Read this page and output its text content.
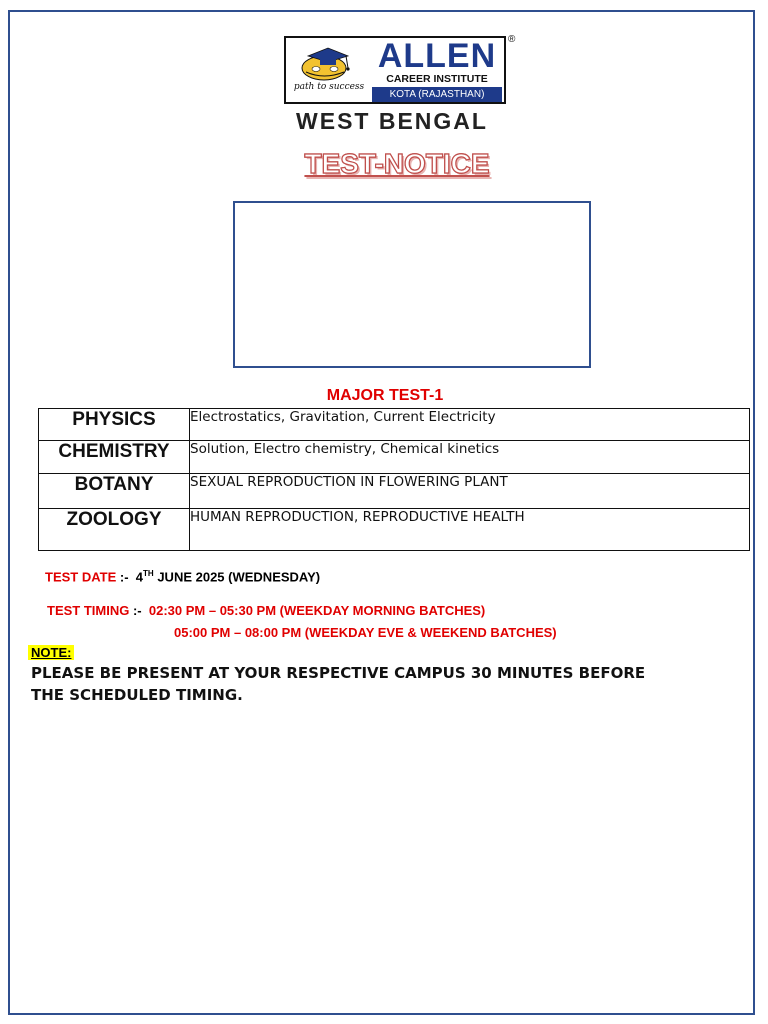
path to success
ALLEN
CAREER INSTITUTE
KOTA (RAJASTHAN)
®
WEST BENGAL
TEST-NOTICE
MAJOR TEST-1
PHYSICS	Electrostatics, Gravitation, Current Electricity
CHEMISTRY	Solution, Electro chemistry, Chemical kinetics
BOTANY	SEXUAL REPRODUCTION IN FLOWERING PLANT
ZOOLOGY	HUMAN REPRODUCTION, REPRODUCTIVE HEALTH
TEST DATE :- 4TH JUNE 2025 (WEDNESDAY)
TEST TIMING :- 02:30 PM – 05:30 PM (WEEKDAY MORNING BATCHES)
05:00 PM – 08:00 PM (WEEKDAY EVE & WEEKEND BATCHES)
NOTE:
PLEASE BE PRESENT AT YOUR RESPECTIVE CAMPUS 30 MINUTES BEFORE THE SCHEDULED TIMING.
